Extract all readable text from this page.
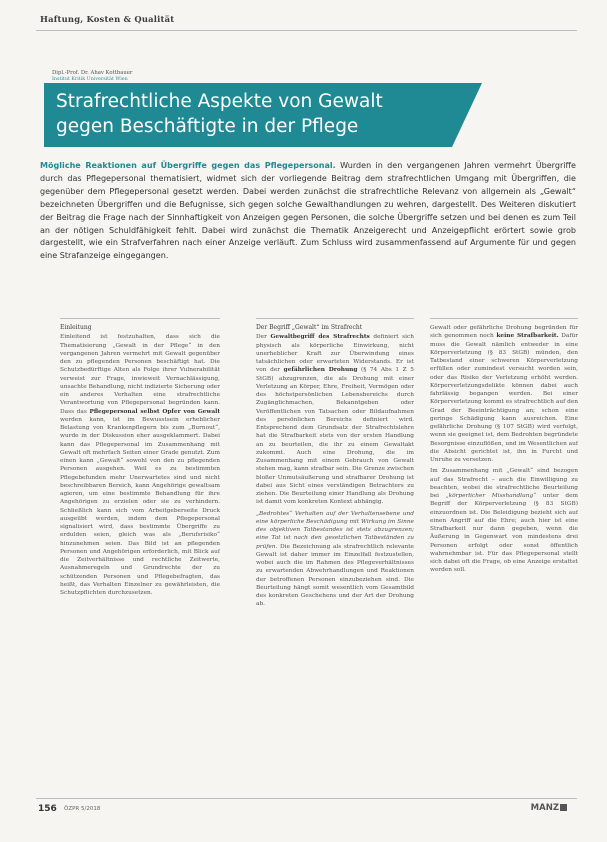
Haftung, Kosten & Qualität
Dipl.-Prof. Dr. Ahav Kottbauer
Institut Kritik Universität Wien
Strafrechtliche Aspekte von Gewalt
gegen Beschäftigte in der Pflege
Mögliche Reaktionen auf Übergriffe gegen das Pflegepersonal. Wurden in den vergangenen Jahren vermehrt Übergriffe durch das Pflegepersonal thematisiert, widmet sich der vorliegende Beitrag dem strafrechtlichen Umgang mit Übergriffen, die gegenüber dem Pflegepersonal gesetzt werden. Dabei werden zunächst die strafrechtliche Relevanz von allgemein als „Gewalt“ bezeichneten Übergriffen und die Befugnisse, sich gegen solche Gewalthandlungen zu wehren, dargestellt. Des Weiteren diskutiert der Beitrag die Frage nach der Sinnhaftigkeit von Anzeigen gegen Personen, die solche Übergriffe setzen und bei denen es zum Teil an der nötigen Schuldfähigkeit fehlt. Dabei wird zunächst die Thematik Anzeigerecht und Anzeigepflicht erörtert sowie grob dargestellt, wie ein Strafverfahren nach einer Anzeige verläuft. Zum Schluss wird zusammenfassend auf Argumente für und gegen eine Strafanzeige eingegangen.
Einleitung

Einleitend ist festzuhalten, dass sich die Thematisierung „Gewalt in der Pflege“ in den vergangenen Jahren vermehrt mit Gewalt gegenüber den zu pflegenden Personen beschäftigt hat. Die Schutzbedürftige Alten als Folge ihrer Vulnerabilität verweist zur Frage, inwieweit Vernachlässigung, unsachte Behandlung, nicht indizierte Sicherung oder ein anderes Verhalten eine strafrechtliche Verantwortung von Pflegepersonal begründen kann. Dass das Pflegepersonal selbst Opfer von Gewalt werden kann, ist im Bewusstsein erheblicher Belastung von Krankenpflegern bis zum „Burnout“, wurde in der Diskussion eher ausgeklammert. Dabei kann das Pflegepersonal im Zusammenhang mit Gewalt oft mehrfach Seiten einer Grade genutzt. Zum einen kann „Gewalt“ sowohl von den zu pflegenden Personen ausgehen. Weil es zu bestimmten Pflegebefunden mehr Unerwartetes sind und nicht beschreibbaren Bereich, kann Angehörige gewaltsam agieren, um eine bestimmte Behandlung für ihre Angehörigen zu erzielen oder sie zu verhindern. Schließlich kann sich vom Arbeitgeberseite Druck ausgeübt werden, indem dem Pflegepersonal signalisiert wird, dass bestimmte Übergriffe zu erdulden seien, gleich was als „Berufsrisiko“ hinzunehmen seien. Das Bild ist an pflegenden Personen und Angehörigen erforderlich, mit Blick auf die Zeitverhältnisse und rechtliche Zeitwerte, Ausnahmeregeln und Grundrechte der zu schützenden Personen und Pflegebefragten, das heißt, das Verhalten Einzelner zu gewährleisten, die Schutzpflichten durchzusetzen.

Der Begriff „Gewalt“ im Strafrecht

Der Gewaltbegriff des Strafrechts definiert sich physisch als körperliche Einwirkung, nicht unerheblicher Kraft zur Überwindung eines tatsächlichen oder erwarteten Widerstands. Er ist von der gefährlichen Drohung (§ 74 Abs 1 Z 5 StGB) abzugrenzen, die als Drohung mit einer Verletzung an Körper, Ehre, Freiheit, Vermögen oder des höchstpersönlichen Lebensbereichs durch Zugänglichmachen, Bekanntgeben oder Veröffentlichen von Tatsachen oder Bildaufnahmen des persönlichen Bereichs definiert wird. Entsprechend dem Grundsatz der Strafrechtslehre hat die Strafbarkeit stets von der ersten Handlung an zu beurteilen, die ihr zu einem Gewaltakt zukommt. Auch eine Drohung, die im Zusammenhang mit einem Gebrauch von Gewalt stehen mag, kann strafbar sein. Die Grenze zwischen bloßer Unmutsäußerung und strafbarer Drohung ist dabei aus Sicht eines verständigen Betrachters zu ziehen. Die Beurteilung einer Handlung als Drohung ist damit vom konkreten Kontext abhängig.

„Bedrohtes“ Verhalten auf der Verhaltensebene und eine körperliche Beschädigung mit Wirkung im Sinne des objektiven Tatbestandes ist stets abzugrenzen; eine Tat ist nach den gesetzlichen Tatbeständen zu prüfen. Die Bezeichnung als strafrechtlich relevante Gewalt ist daher immer im Einzelfall festzustellen, wobei auch die im Rahmen des Pflegeverhältnisses zu erwartenden Abwehrhandlungen und Reaktionen der betroffenen Personen einzubeziehen sind. Die Beurteilung hängt somit wesentlich vom Gesamtbild des konkreten Geschehens und der Art der Drohung ab.

Gewalt oder gefährliche Drohung begründen für sich genommen noch keine Strafbarkeit. Dafür muss die Gewalt nämlich entweder in eine Körperverletzung (§ 83 StGB) münden, den Tatbestand einer schweren Körperverletzung erfüllen oder zumindest versucht worden sein, oder das Risiko der Verletzung erhöht werden. Körperverletzungsdelikte können dabei auch fahrlässig begangen werden. Bei einer Körperverletzung kommt es strafrechtlich auf den Grad der Beeinträchtigung an; schon eine geringe Schädigung kann ausreichen. Eine gefährliche Drohung (§ 107 StGB) wird verfolgt, wenn sie geeignet ist, dem Bedrohten begründete Besorgnisse einzuflößen, und im Wesentlichen auf die Absicht gerichtet ist, ihn in Furcht und Unruhe zu versetzen.

Im Zusammenhang mit „Gewalt“ sind bezogen auf das Strafrecht – auch die Einwilligung zu beachten, wobei die strafrechtliche Beurteilung bei „körperlicher Misshandlung“ unter dem Begriff der Körperverletzung (§ 83 StGB) einzuordnen ist. Die Beleidigung bezieht sich auf einen Angriff auf die Ehre; auch hier ist eine Strafbarkeit nur dann gegeben, wenn die Äußerung in Gegenwart von mindestens drei Personen erfolgt oder sonst öffentlich wahrnehmbar ist. Für das Pflegepersonal stellt sich dabei oft die Frage, ob eine Anzeige erstattet werden soll.

156 ÖZPR 5/2018	MANZ
